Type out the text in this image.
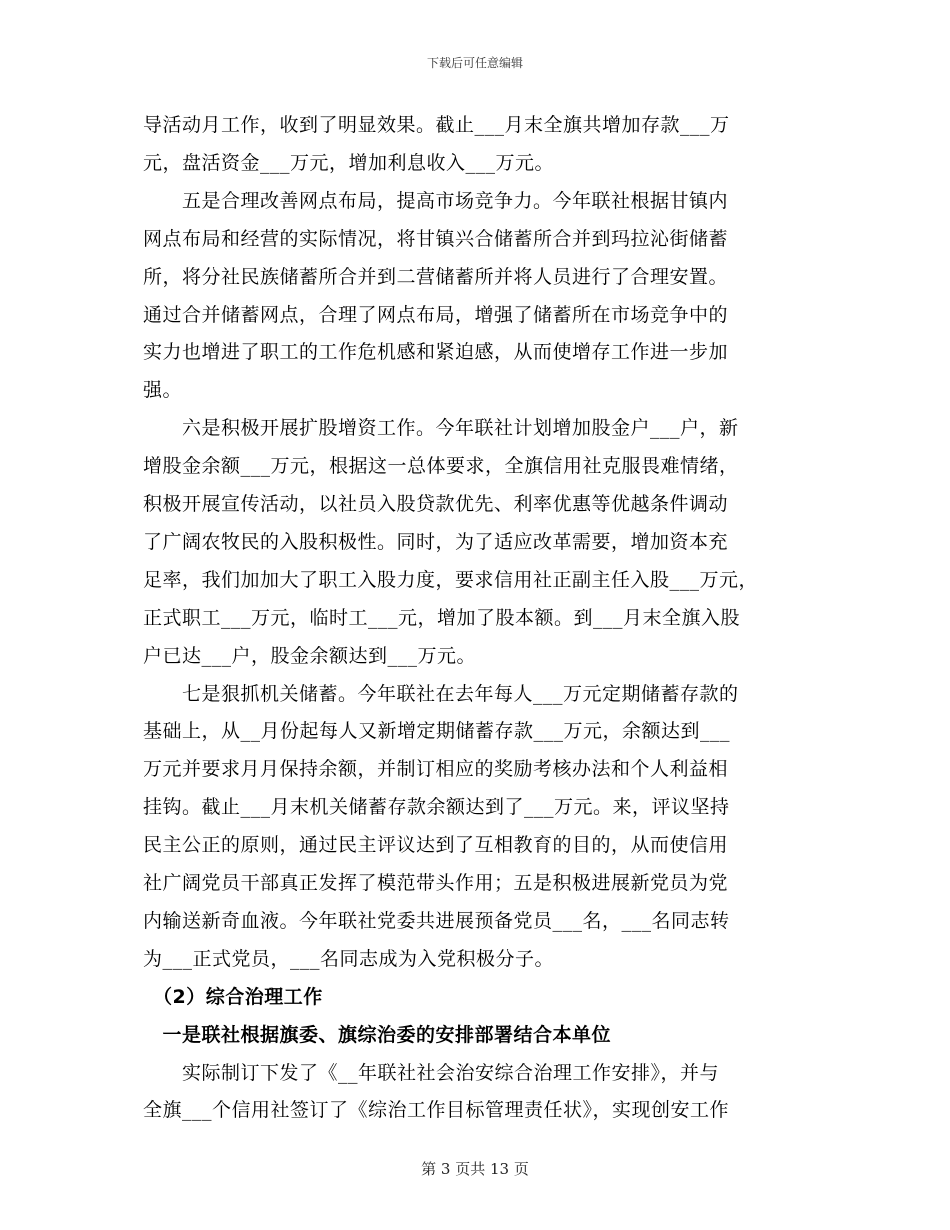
下载后可任意编辑
导活动月工作，收到了明显效果。截止___月末全旗共增加存款___万
元，盘活资金___万元，增加利息收入___万元。
　　五是合理改善网点布局，提高市场竞争力。今年联社根据甘镇内
网点布局和经营的实际情况，将甘镇兴合储蓄所合并到玛拉沁街储蓄
所，将分社民族储蓄所合并到二营储蓄所并将人员进行了合理安置。
通过合并储蓄网点，合理了网点布局，增强了储蓄所在市场竞争中的
实力也增进了职工的工作危机感和紧迫感，从而使增存工作进一步加
强。
　　六是积极开展扩股增资工作。今年联社计划增加股金户___户，新
增股金余额___万元，根据这一总体要求，全旗信用社克服畏难情绪，
积极开展宣传活动，以社员入股贷款优先、利率优惠等优越条件调动
了广阔农牧民的入股积极性。同时，为了适应改革需要，增加资本充
足率，我们加加大了职工入股力度，要求信用社正副主任入股___万元，
正式职工___万元，临时工___元，增加了股本额。到___月末全旗入股
户已达___户，股金余额达到___万元。
　　七是狠抓机关储蓄。今年联社在去年每人___万元定期储蓄存款的
基础上，从__月份起每人又新增定期储蓄存款___万元，余额达到___
万元并要求月月保持余额，并制订相应的奖励考核办法和个人利益相
挂钩。截止___月末机关储蓄存款余额达到了___万元。来，评议坚持
民主公正的原则，通过民主评议达到了互相教育的目的，从而使信用
社广阔党员干部真正发挥了模范带头作用；五是积极进展新党员为党
内输送新奇血液。今年联社党委共进展预备党员___名，___名同志转
为___正式党员，___名同志成为入党积极分子。
　（2）综合治理工作
　一是联社根据旗委、旗综治委的安排部署结合本单位
　　实际制订下发了《__年联社社会治安综合治理工作安排》，并与
全旗___个信用社签订了《综治工作目标管理责任状》，实现创安工作
第 3 页共 13 页
